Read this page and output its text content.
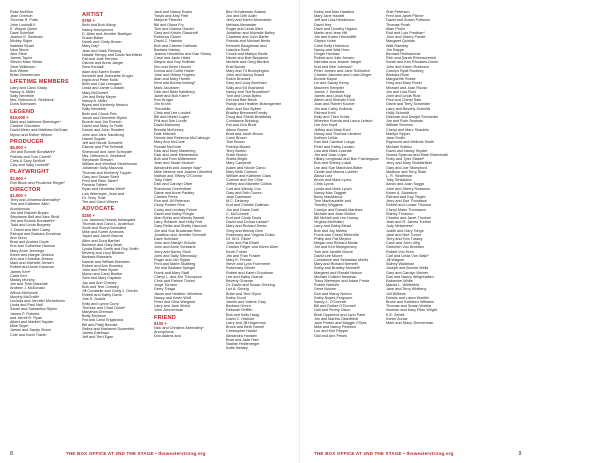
Rose McEllen
Jean Overton
Thomas R. Potts
John Lockwill II
E. Wayne Quinn
Dave Schnidel
Jeanne E. Seidman
Mickey Sigler
Isabella Stuart
Nina Stone
Alex Stroll
James Taylor
Steven Marc Weiss
Gear Wilkinson
Bob Winter
Brian Zimmerman
LIFETIME MEMBERS
Larry and Carol Grady
Nancy A. Miller
Sally Nevrekle
Mrs. Deborah A. Sindbeck
Doris Svenssen
LEGEND
$10,000 +
Mark and Adrienne Breininger*
Carleen Gonzalez
David Meier and Matthew McGraw
Myron and Esther Wilson
PRODUCER
$5,000 +
Jim and Bonnie Bondwirth*
Patricia and Tom Carroll*
Chris & Suzy DeWolf
Clay and Sally Lockwill*
PLAYWRIGHT
$2,500 +
Ron Bloch and Prudence Ringel*
DIRECTOR
$1,000 +
Terry and Johanna Abernathy*
Tom and Kathleen Allen
Anonymous
Jim and Elsbeth Bryant
Stephanie Bell and Alex Stroll
Jim and Bonnie Bondwirth*
Todd and Linda Burgess
J. David and Alex Carey
Richard and Barbara Donahue
Ann Dunn
Brad and Andrea Doyle
Eric and Catherine Hannon
Mary Anne Jennings
Karen and Margie Jenkins
Ann and Christine Jensen
Mark and Michelle Jensen
Robert and Anne Kaczmar
James Kerr*
Carla Kerr
Maddy Murphy
Jim and Trish Marshall
Andrew J. McDonald
Wilma McKenzie
Murphy McGrath*
Lucinda and Jennifer Michelsohn
Linda and Paul Nall
Sarah and Samantha Ripkin
James P. Roberts
and Jarrell R. Ryan
Albert and Maribel Sayder
Mike Skyer
James and Sandy Strom
Cole and Karin Trauth
ARTIST
$750 +
Beth and Bob Allsop
Nancy Anonymous
D. Allan and Jennifer Baettger
Susan Baker
Derek and Cindy Brown
Mary Day*
Jean and Mark Fleming
Natalie Hempy and David Northfield
Pat and Julie Hendrix
Dianne and Anna Jaeger
Sara Kendall
Allan and Karen Koster
Kenneth and Jeannette Kruger
Ingrid and Peter Kulik
Beth and Carl Lessgard
Linda and Jamie Lundahl
Mary McDowell
Jim and Betty Meyer
Nancy A. Miller
Bryan and Kimberly Nealon
Sally Nevrekle
Beth and Chuck Pelz
Jacob and Dennette Ripkin
Bonnie and Jim Roesch
David and Mary Jo Rolfe
Danne and John Rosales
John and Jane Sandburg
Naomi Sayder
Jeff and Nicole Schaefer
Dianne and Phil Schmidt
Sherwood and Jane Schnyder
Mrs. Deborah A. Sindbeck
Stephanie Stewart
William and Winifred Stonehouse
Johannah Sully-Mazzola
Thomas and Kimberly Tupper
Gary and Susan Streit
Fred and Ellen Taber*
Pamela Tolbert
Ryan and Henrietta West*
Lois Wiemeyer, Jean and
Dr. Terry Trost
Tim and Carol Winzer
ADVOCATE
$250 +
Lou Jasmond Hassis Adlangalia
Thomas and Carol L. Anderson
Scott and Sheryl Ammabel
Mike and Karen Ammons
Taylor and Jamie Barrow
Allen and Dora Barthel
Barnson and Gary Bean
Lynda Black Smith and Roy Smith
Beverly and Lucy Bleekle
Barbara Bluestein
Nancie and William Brewster
Robert and Ann Brumley
John and Peter Byrne
Myron and Carol Bueller
Sam and Mary Capaldo
Jay and Ann Chaney
Bob and Terri Crowley
Jill Cordaelle and Cindy J. Drenth
Robert and Kathy Davis
Jule K. Dodds
Kelly and Lynne Curry
Therese and Chad Dohle*
Marythea Drennan
Betty Erickson
Pat and Carol Engstrand
Bill and Patty Beenke
Selina and Marianne Dozenfeld
James Edelman
Jeff and Terri Egan
Jack and Nancy Evans
Travis and Amy Flett
Marjorie Fletcher
Bill and Diana Fry
Tom and Dianna Gauert
Gary and Kristin Glasshoff
Rebecca Glover
David C. Haenke
Bob and Carmen Hallman
Barbara Hanley
Jeanne Hendricks and Dan Storey
Carol and Janis Hicks
Wayne and Gay Hollister
Kim and Kevin Hoover
Donna and Curtis Huber
John and Hillary Hughes
Alan and Mary Hunter
Kent and Bonna Iverling*
Mark Jacobsen
Dick and Nikki Kalldberg
Janet and Bob Klein*
Ron Kroger
Jim Krohn
Theodelle
Chris and Lee Lundell
Bill and Muriel Lugen
Phil and Sue Lunde
David Mahoney
Brenda McKinney
Dale Mitchell
Dennis and Rebecca McCullough
Mary Ann McCune
Ronald McGuire
Dick and Mary Mastering
Dick and Jane Mesenbrink
Bob and Fran Mittermeier
Jean and Stuart Morton*
Alexandria and Joseph Nap*
Mike Nesenz and Joanne Lilienfeld
Nathan and Tiffany O'Connor
Toby Odell
Dick and Carolyn Osler
Sherwood Overholtzer
Diane and Anne Pantley
Charles Peres
Ron and Jill Peterson
Cindy Posten Rice
Corey and Lindsay Prince
David and Kathy Pringle
Alan Rohls and Wendy Barrett
Larry Rolainer and Holly Rod
Gary Reiss and Shelly Hancock
Jim and Sue Bradshaw Rein
Jonathon and Jennifer Schmidt
Dave Schnidel
John and Marilyn Schultz
John and Anne Schwartz
Jerry and Nancy Shull
John and Sally Sibrowsky
Roger and Jan Sipper
Fred and Marie Skalberg
Jim and Barbara Spiegel
Frank and Mary Staff
Cheryl L. and Jim Thompson
Chris and Patrice Tholes
Jorge Torrano
Gerry Tringa
Jason and Heather Vetvetwa
Nancy and Kevin Wolf
Peter and Gina Wiegand
Larry and Jane Wobd
John Zimmerman
FRIEND
$100 +
Nick and Christine Abernathy*
Anonymous
Don Adams and
Bev Grinderman Adams
Jon and Deb Adler
Jerry and Karen Ahrenstein
Melissa Alexander
Roger and Linda Allen
Jonathan and Michelle Bailey
Charlene and John Bartle
Patricia and Michael Bedis
Kenneth Baughman and
Leandra Snell
Chuck and Marilyn Bedis
Nicole and Bob Benjamin
Michele and Greg Berdick
Enid Bonds
Mary and Tri Bramyington
John and Nancy Brand
Robin Brunsell
Gary and Judy Burnham
Sally and Ed Bushland
Nancy and Ted Broadfoot*
Tom and Linda Bytho
Del and Bee Bieck
Randy and Heather Brainagenter
Allen and Sue Bybee
Bradley Bremmer/Family
Doug and Sheila Brakfields
Constance Brinking
Pat and Don Brink
Alison Brown
Brad and Janet Brown
Carol Brown
Tom Brown
Patricia Bryant
Terry Burton
Susie Burton
Sheila Bright
Mary Campbell
Adam and Nicole Camo
Mary Beth Carlson
William and Kathleen Clark
Corinne and Jim Cline
Jeffrey and Michelle Collins
Curt and Wendy Cox
Gary and Deb Cunea
Jean Danhauer
M.C. Delaney
Kurt and Christie Dallman
Jim and Diane Dahl
C. McConnell
Kurt and Cindy Davis
David and Donna Lazaar*
Mary and Richard Derse
Greg and Wendy Dinn
Rosemary and Virginia Dolan
Dr. W.G. Ellott*
John and Pat Elwell
Charles Felger and Karen Allen
Kevin Foster
Jim and Fran Frazier
Mary E. Fresse
Steve and Lynn Fuermeier
Rosemary Geiser
Robert and Karen Goodman
Lee and Kathy Grandt
Beverly Gruener
Dr. David and Susan Gehring
Luz A. Gehrig
Brian and Terri Glynn
Kathy Good
James and Valerie Gray
Barbara Green
Deborah Griffith
Bob and Kelly Haag
David C. Haenke
Larry and Jill Hagerman
Bruce and Beth Harrell
Christopher Hasler
Alexandra Hansler
Brad and Jade Hart
Nadine Heidenreger
Katie Hawley
8	THE BOX OFFICE AT 2ND THE STAGE • tbsweatervtrong.org
Kathy and Max Hawkins
Mary Jane Hazlett
Jeff and Lisa Henderson
David Hey
Dave and Dorothy Higdon
Martin and Jean Hill
Jim and Karen Hinchcliffe
Glanzo Hobe
Carol Kelly Hokinson
Nancy and Walt Horn
Ginger Horstad
Robert and Julie Jensen
Nicholas and Jeanne Jaeger
Kurt and Bee Johnson*
Peter Jonsen and Jane Schloetch
Charles Jarvinen and Lucia Dinger
Bonnie Kayse
Lin and Sandy Kemp
Maureen Kempter
Janice J. Kerkeies
James and Linda Kipp
Aileen and Sherwin Kiolt
Joan and Robert Kocher
Jim and Cathy Kolbeck
Richard Kohl
Kelly and Theo Kohls
Wheelen Koenta and Laura Leitsch
Lee Ann Kopfl
Jeffrey and Mary Kohl
Nancy and Thomas Liederer
Kathryn Leikis
Dan and Caroline Longa
Peter and Kathy Louden
Lisa and Mark Lowhalt
Jim and Joan Loyer
Hillary Lengtroad and Ben Fachingscar
Bob and Shirley Lukat
Lim and Sue Marchant-Bidler
Cindie and Marcia Lobleth
Alissa Lutz
Amon and Mark Lyons
Chris Lyons
Lynda and Mark Lynch
Nancy Mac Taggart
Barry MacManus
Tom Manhaudelle and
Timothy Wiggens
Carolyn and Donald Martinez
Michael and Jean Mattox
Bill McNeil and Lee Hurray
Virginia McMullen
Larry and Kathy Mead
Bob and Joy Meeks
Frank and Cheryl Mehrville
Phillip and Pat Meyers
Megan and Richard Molde
Jim and Ken Montgomery
Tom and Janelle Moore
David Lee Moore
Constance and Sebastian Moritz
Mary and Richard Nemeth
Kathy and Bradley Munsell*
Margaret and Ronald Nelson
Michael Colleen Newman
Tracy Niemeyer and Adam Freda
Robert Niebuhr
Gene Nooner
Don and Marcy Norton
Kathy Noyes-Ferguson
Nancy L. O'Connell
Bill and Esther O'Donnell
Gail and Penny Olson
Brett Oppenhol and Lynn Pane
Jim and Martha Ostertfield
Jane Parker and Maggie O'Dea
Mike and Nancy Pearson
Lou and Kim Pepper
Gail and Ann Pesek
Shie Petersen
Fred and Janet Pilcher
David and Susan Polfuson
Thomas Prosh
Allan Prulin
Rod and Lois Predrian*
John and Sherry Purdie
Margaret Quinlan
Walt Ramsey
Jim Rappe
Bernard Rehkammer
Rich and Sarah Rheinschmidt
Sarah and Ken Rhoades-Dohm
John and Karen Robinson
Carolyn Ryall Rosberg
Barbara Rose
Marguerite Rosse
Greg and Mary Rover
Michael and Joan Ruoss
Jim and Lisa Rust
John and Linda Rust
Paul and Cheryl Sale
Diane and Terry Schneider
Larry and Beverly Schmidt
Holly Schmidt
Deborah and Dwight Schroeder
Jim and Ruth Seaman
William Severns
Cheryl and Marc Shanklin
Marilyn Sipper
Jane Smith
Raymond and Melinda Smith
Michael Sofidor
David and Nancy Snyder
Norma Sparrow and Mark Eisendrath
Roby and Tyler Stabel*
Jerry and Mary Stubblefield
Gary and Joe Stumpford
Madison and Terry Stain
L. R. Strathman
Toby Strickland
Aaron and Joan Suggs
John and Sherry Swanson
Karen A. Swanson
Richard and Kay Teigen
Jerry and Sue Thonbeck
Robert and Louise Thorson
Cheryl Maier Thomason
Shirley Thornton
Charles and Janet Thurlow
Jean and R. James Treiber
Judy Nelsenese
Judith and Gary Tonge
Jane and Ned Turner
Terry and Tom Tuskey
Carol and John Ulfig
Gretchen Von Broeden
Robert Von Horn
Carl and Linda Von Wald*
Jill Wagner
Sidney Waldman
Joseph and Bonnie Wells
Gary and Carolyn Weiner
Dan and Nancy Weighhalten
Katherine White
Marcia L. Whitefield
Jane and Terry Whitteny
Juli Wilkens
Dennis and Laura Woelfel
Bruce and Kathleen Williams
Thomas and Susan Wobbe
Norman and Mary Ellen Wright
K.E. Zebell
Karen Zuraw
Mark and Stacy Zimmerman
THE BOX OFFICE AT 2ND THE STAGE • tbsweatervtrong.org	9
